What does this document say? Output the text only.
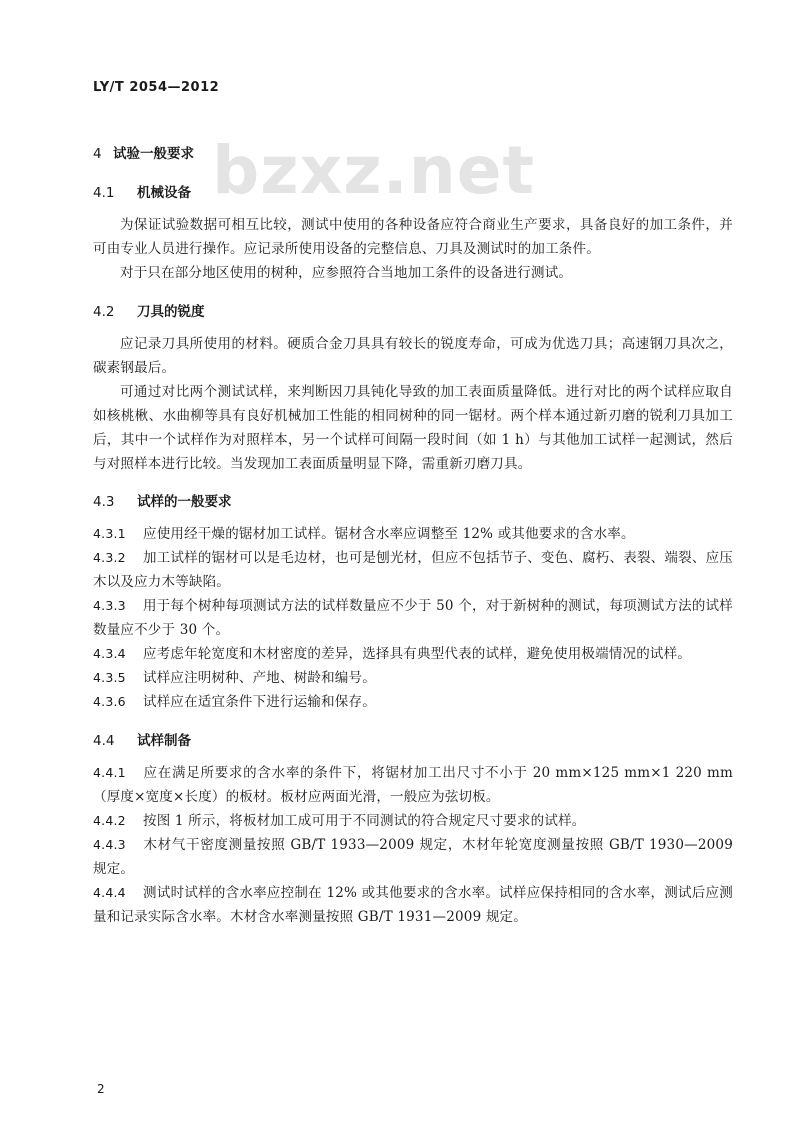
LY/T 2054—2012
bzxz.net
4 试验一般要求
4.1 机械设备
为保证试验数据可相互比较，测试中使用的各种设备应符合商业生产要求，具备良好的加工条件，并可由专业人员进行操作。应记录所使用设备的完整信息、刀具及测试时的加工条件。
对于只在部分地区使用的树种，应参照符合当地加工条件的设备进行测试。
4.2 刀具的锐度
应记录刀具所使用的材料。硬质合金刀具具有较长的锐度寿命，可成为优选刀具；高速钢刀具次之，碳素钢最后。
可通过对比两个测试试样，来判断因刀具钝化导致的加工表面质量降低。进行对比的两个试样应取自如核桃楸、水曲柳等具有良好机械加工性能的相同树种的同一锯材。两个样本通过新刃磨的锐利刀具加工后，其中一个试样作为对照样本，另一个试样可间隔一段时间（如 1 h）与其他加工试样一起测试，然后与对照样本进行比较。当发现加工表面质量明显下降，需重新刃磨刀具。
4.3 试样的一般要求
4.3.1 应使用经干燥的锯材加工试样。锯材含水率应调整至 12% 或其他要求的含水率。
4.3.2 加工试样的锯材可以是毛边材，也可是刨光材，但应不包括节子、变色、腐朽、表裂、端裂、应压木以及应力木等缺陷。
4.3.3 用于每个树种每项测试方法的试样数量应不少于 50 个，对于新树种的测试，每项测试方法的试样数量应不少于 30 个。
4.3.4 应考虑年轮宽度和木材密度的差异，选择具有典型代表的试样，避免使用极端情况的试样。
4.3.5 试样应注明树种、产地、树龄和编号。
4.3.6 试样应在适宜条件下进行运输和保存。
4.4 试样制备
4.4.1 应在满足所要求的含水率的条件下，将锯材加工出尺寸不小于 20 mm×125 mm×1 220 mm（厚度×宽度×长度）的板材。板材应两面光滑，一般应为弦切板。
4.4.2 按图 1 所示，将板材加工成可用于不同测试的符合规定尺寸要求的试样。
4.4.3 木材气干密度测量按照 GB/T 1933—2009 规定，木材年轮宽度测量按照 GB/T 1930—2009 规定。
4.4.4 测试时试样的含水率应控制在 12% 或其他要求的含水率。试样应保持相同的含水率，测试后应测量和记录实际含水率。木材含水率测量按照 GB/T 1931—2009 规定。
2
